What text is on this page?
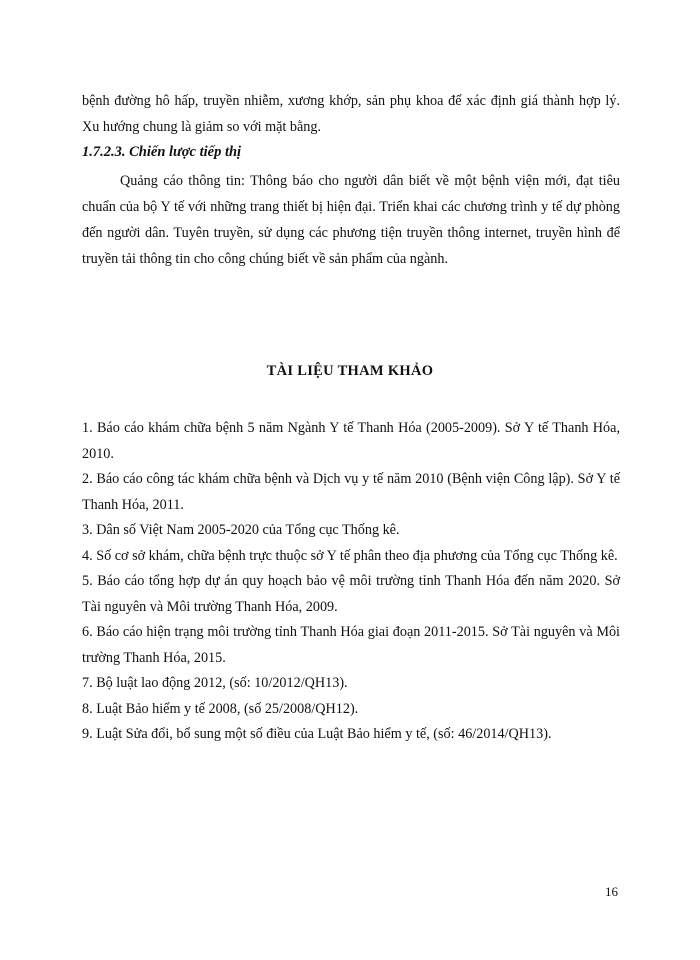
bệnh đường hô hấp, truyền nhiễm, xương khớp, sản phụ khoa để xác định giá thành hợp lý. Xu hướng chung là giảm so với mặt bằng.

1.7.2.3. Chiến lược tiếp thị

Quảng cáo thông tin: Thông báo cho người dân biết về một bệnh viện mới, đạt tiêu chuẩn của bộ Y tế với những trang thiết bị hiện đại. Triển khai các chương trình y tế dự phòng đến người dân. Tuyên truyền, sử dụng các phương tiện truyền thông internet, truyền hình để truyền tải thông tin cho công chúng biết về sản phẩm của ngành.

TÀI LIỆU THAM KHẢO

1. Báo cáo khám chữa bệnh 5 năm Ngành Y tế Thanh Hóa (2005-2009). Sở Y tế Thanh Hóa, 2010.
2. Báo cáo công tác khám chữa bệnh và Dịch vụ y tế năm 2010 (Bệnh viện Công lập). Sở Y tế Thanh Hóa, 2011.
3. Dân số Việt Nam 2005-2020 của Tổng cục Thống kê.
4. Số cơ sở khám, chữa bệnh trực thuộc sở Y tế phân theo địa phương của Tổng cục Thống kê.
5. Báo cáo tổng hợp dự án quy hoạch bảo vệ môi trường tỉnh Thanh Hóa đến năm 2020. Sở Tài nguyên và Môi trường Thanh Hóa, 2009.
6. Báo cáo hiện trạng môi trường tỉnh Thanh Hóa giai đoạn 2011-2015. Sở Tài nguyên và Môi trường Thanh Hóa, 2015.
7. Bộ luật lao động 2012, (số: 10/2012/QH13).
8. Luật Bảo hiểm y tế 2008, (số 25/2008/QH12).
9. Luật Sửa đổi, bổ sung một số điều của Luật Bảo hiểm y tế, (số: 46/2014/QH13).

16
